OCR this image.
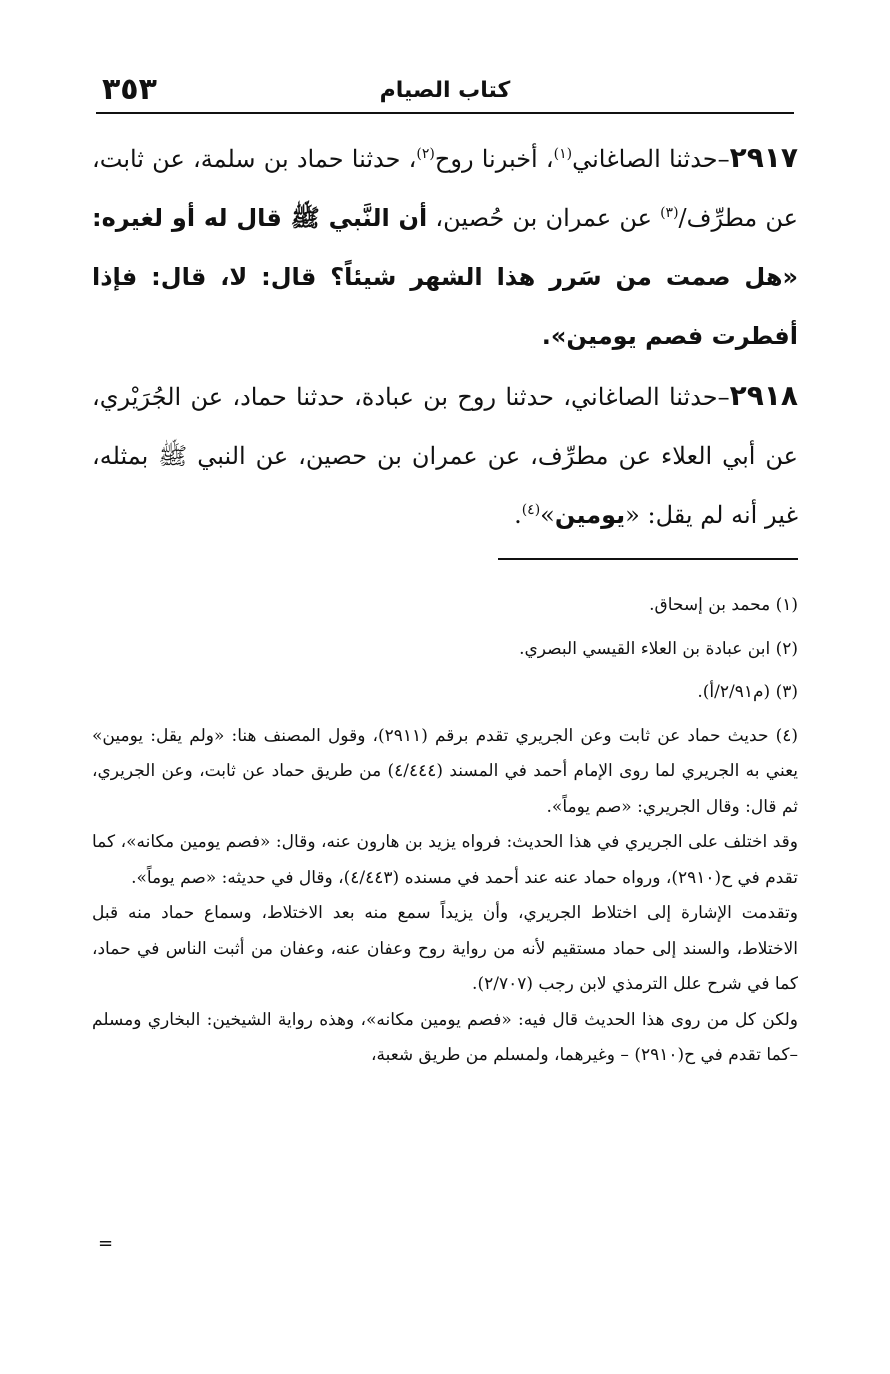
٣٥٣	كتاب الصيام

٢٩١٧–حدثنا الصاغاني$^{(١)}$، أخبرنا روح$^{(٢)}$، حدثنا حماد بن سلمة، عن ثابت، عن مطرِّف/$^{(٣)}$ عن عمران بن حُصين، أن النَّبي ﷺ قال له أو لغيره: «هل صمت من سَرر هذا الشهر شيئاً؟ قال: لا، قال: فإذا أفطرت فصم يومين».

٢٩١٨–حدثنا الصاغاني، حدثنا روح بن عبادة، حدثنا حماد، عن الجُرَيْري، عن أبي العلاء عن مطرِّف، عن عمران بن حصين، عن النبي ﷺ بمثله، غير أنه لم يقل: «يومين»$^{(٤)}$.

(١) محمد بن إسحاق.

(٢) ابن عبادة بن العلاء القيسي البصري.

(٣) (م٢/٩١/أ).

(٤) حديث حماد عن ثابت وعن الجريري تقدم برقم (٢٩١١)، وقول المصنف هنا: «ولم يقل: يومين» يعني به الجريري لما روى الإمام أحمد في المسند (٤/٤٤٤) من طريق حماد عن ثابت، وعن الجريري، ثم قال: وقال الجريري: «صم يوماً».

وقد اختلف على الجريري في هذا الحديث: فرواه يزيد بن هارون عنه، وقال: «فصم يومين مكانه»، كما تقدم في ح(٢٩١٠)، ورواه حماد عنه عند أحمد في مسنده (٤/٤٤٣)، وقال في حديثه: «صم يوماً».

وتقدمت الإشارة إلى اختلاط الجريري، وأن يزيداً سمع منه بعد الاختلاط، وسماع حماد منه قبل الاختلاط، والسند إلى حماد مستقيم لأنه من رواية روح وعفان عنه، وعفان من أثبت الناس في حماد، كما في شرح علل الترمذي لابن رجب (٢/٧٠٧).

ولكن كل من روى هذا الحديث قال فيه: «فصم يومين مكانه»، وهذه رواية الشيخين: البخاري ومسلم –كما تقدم في ح(٢٩١٠) – وغيرهما، ولمسلم من طريق شعبة،

=
